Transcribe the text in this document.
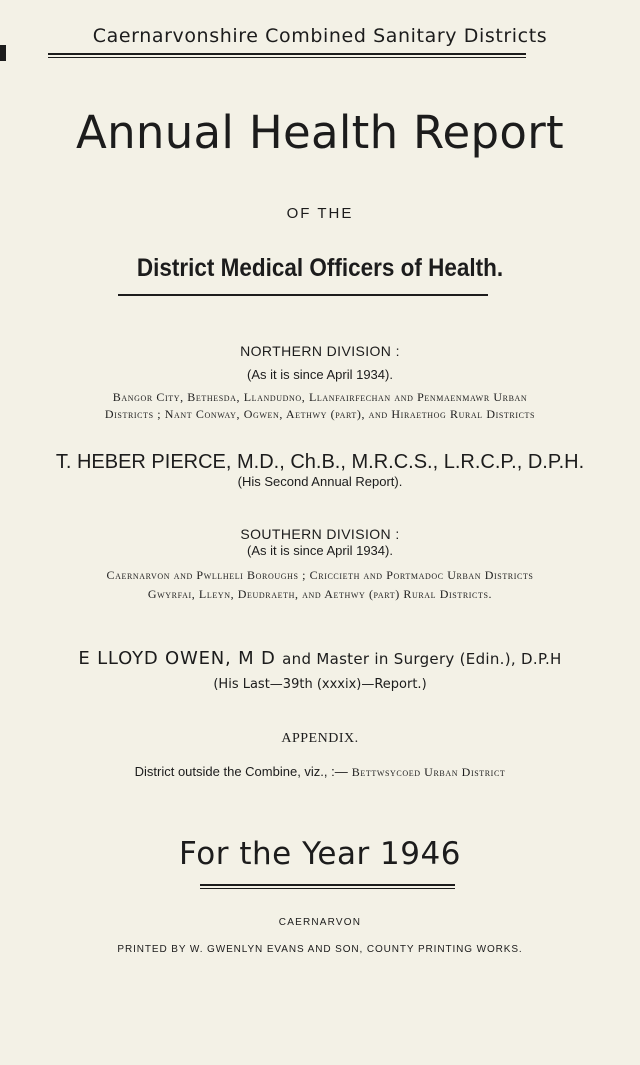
Caernarvonshire Combined Sanitary Districts
Annual Health Report
OF THE
District Medical Officers of Health.
NORTHERN DIVISION :
(As it is since April 1934).
Bangor City, Bethesda, Llandudno, Llanfairfechan and Penmaenmawr Urban
Districts ; Nant Conway, Ogwen, Aethwy (part), and Hiraethog Rural Districts
T. HEBER PIERCE, M.D., Ch.B., M.R.C.S., L.R.C.P., D.P.H.
(His Second Annual Report).
SOUTHERN DIVISION :
(As it is since April 1934).
Caernarvon and Pwllheli Boroughs ; Criccieth and Portmadoc Urban Districts
Gwyrfai, Lleyn, Deudraeth, and Aethwy (part) Rural Districts.
E LLOYD OWEN, M D and Master in Surgery (Edin.), D.P.H
(His Last—39th (xxxix)—Report.)
APPENDIX.
District outside the Combine, viz., :— Bettwsycoed Urban District
For the Year 1946
CAERNARVON
PRINTED BY W. GWENLYN EVANS AND SON, COUNTY PRINTING WORKS.
